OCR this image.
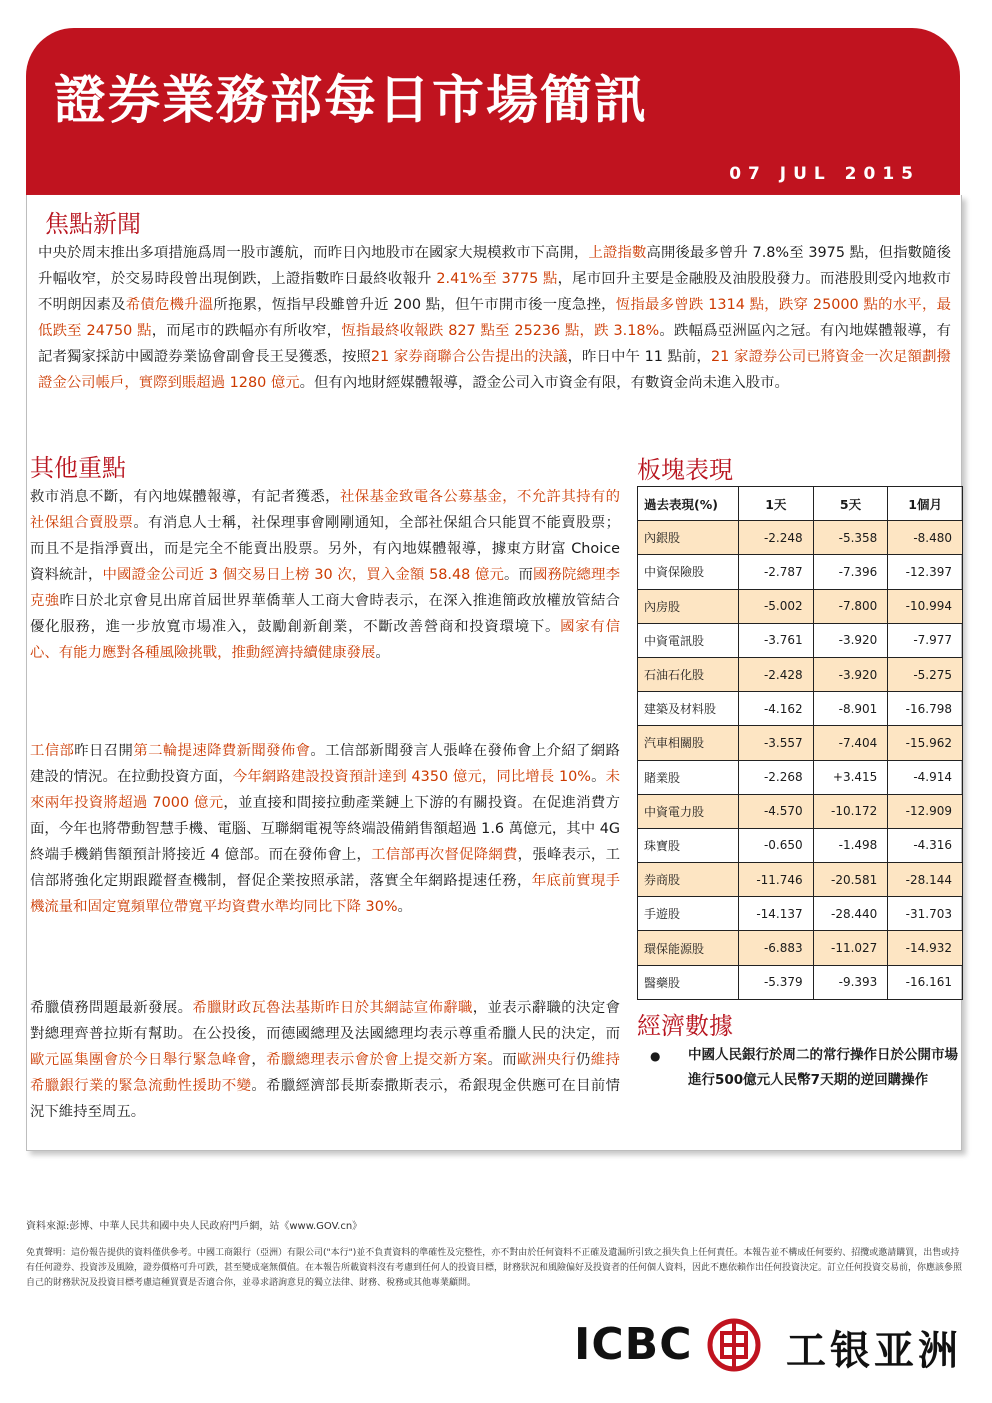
證券業務部每日市場簡訊
07 JUL 2015
焦點新聞
中央於周末推出多項措施爲周一股市護航，而昨日內地股市在國家大規模救市下高開，上證指數高開後最多曾升 7.8%至 3975 點，但指數隨後升幅收窄，於交易時段曾出現倒跌，上證指數昨日最終收報升 2.41%至 3775 點，尾市回升主要是金融股及油股股發力。而港股則受內地救市不明朗因素及希債危機升溫所拖累，恆指早段雖曾升近 200 點，但午市開市後一度急挫，恆指最多曾跌 1314 點，跌穿 25000 點的水平，最低跌至 24750 點，而尾市的跌幅亦有所收窄，恆指最終收報跌 827 點至 25236 點，跌 3.18%。跌幅爲亞洲區內之冠。有內地媒體報導，有記者獨家採訪中國證券業協會副會長王旻獲悉，按照21 家券商聯合公告提出的決議，昨日中午 11 點前，21 家證券公司已將資金一次足額劃撥證金公司帳戶，實際到賬超過 1280 億元。但有內地財經媒體報導，證金公司入市資金有限，有數資金尚未進入股市。
其他重點
救市消息不斷，有內地媒體報導，有記者獲悉，社保基金致電各公募基金，不允許其持有的社保組合賣股票。有消息人士稱，社保理事會剛剛通知，全部社保組合只能買不能賣股票；而且不是指淨賣出，而是完全不能賣出股票。另外，有內地媒體報導，據東方財富 Choice 資料統計，中國證金公司近 3 個交易日上榜 30 次，買入金額 58.48 億元。而國務院總理李克強昨日於北京會見出席首屆世界華僑華人工商大會時表示，在深入推進簡政放權放管結合優化服務，進一步放寬市場准入，鼓勵創新創業，不斷改善營商和投資環境下。國家有信心、有能力應對各種風險挑戰，推動經濟持續健康發展。
工信部昨日召開第二輪提速降費新聞發佈會。工信部新聞發言人張峰在發佈會上介紹了網路建設的情況。在拉動投資方面，今年網路建設投資預計達到 4350 億元，同比增長 10%。未來兩年投資將超過 7000 億元，並直接和間接拉動產業鏈上下游的有關投資。在促進消費方面，今年也將帶動智慧手機、電腦、互聯網電視等終端設備銷售額超過 1.6 萬億元，其中 4G 終端手機銷售額預計將接近 4 億部。而在發佈會上，工信部再次督促降網費，張峰表示，工信部將強化定期跟蹤督查機制，督促企業按照承諾，落實全年網路提速任務，年底前實現手機流量和固定寬頻單位帶寬平均資費水準均同比下降 30%。
希臘債務問題最新發展。希臘財政瓦魯法基斯昨日於其網誌宣佈辭職，並表示辭職的決定會對總理齊普拉斯有幫助。在公投後，而德國總理及法國總理均表示尊重希臘人民的決定，而歐元區集團會於今日舉行緊急峰會，希臘總理表示會於會上提交新方案。而歐洲央行仍維持希臘銀行業的緊急流動性援助不變。希臘經濟部長斯泰撒斯表示，希銀現金供應可在目前情況下維持至周五。
板塊表現
過去表現(%)	1天	5天	1個月
內銀股	-2.248	-5.358	-8.480
中資保險股	-2.787	-7.396	-12.397
內房股	-5.002	-7.800	-10.994
中資電訊股	-3.761	-3.920	-7.977
石油石化股	-2.428	-3.920	-5.275
建築及材料股	-4.162	-8.901	-16.798
汽車相關股	-3.557	-7.404	-15.962
賭業股	-2.268	+3.415	-4.914
中資電力股	-4.570	-10.172	-12.909
珠寶股	-0.650	-1.498	-4.316
券商股	-11.746	-20.581	-28.144
手遊股	-14.137	-28.440	-31.703
環保能源股	-6.883	-11.027	-14.932
醫藥股	-5.379	-9.393	-16.161
經濟數據
● 中國人民銀行於周二的常行操作日於公開市場進行500億元人民幣7天期的逆回購操作
資料來源:彭博、中華人民共和國中央人民政府門戶網，站《www.GOV.cn》
免責聲明：這份報告提供的資料僅供參考。中國工商銀行（亞洲）有限公司("本行")並不負責資料的準確性及完整性，亦不對由於任何資料不正確及遺漏所引致之損失負上任何責任。本報告並不構成任何要約、招攬或邀請購買，出售或持有任何證券、投資涉及風險，證券價格可升可跌，甚至變成毫無價值。在本報告所載資料沒有考慮到任何人的投資目標，財務狀況和風險偏好及投資者的任何個人資料，因此不應依賴作出任何投資決定。訂立任何投資交易前，你應該參照自己的財務狀況及投資目標考慮這種買賣是否適合你，並尋求諮詢意見的獨立法律、財務、稅務或其他專業顧問。
ICBC 工银亚洲
